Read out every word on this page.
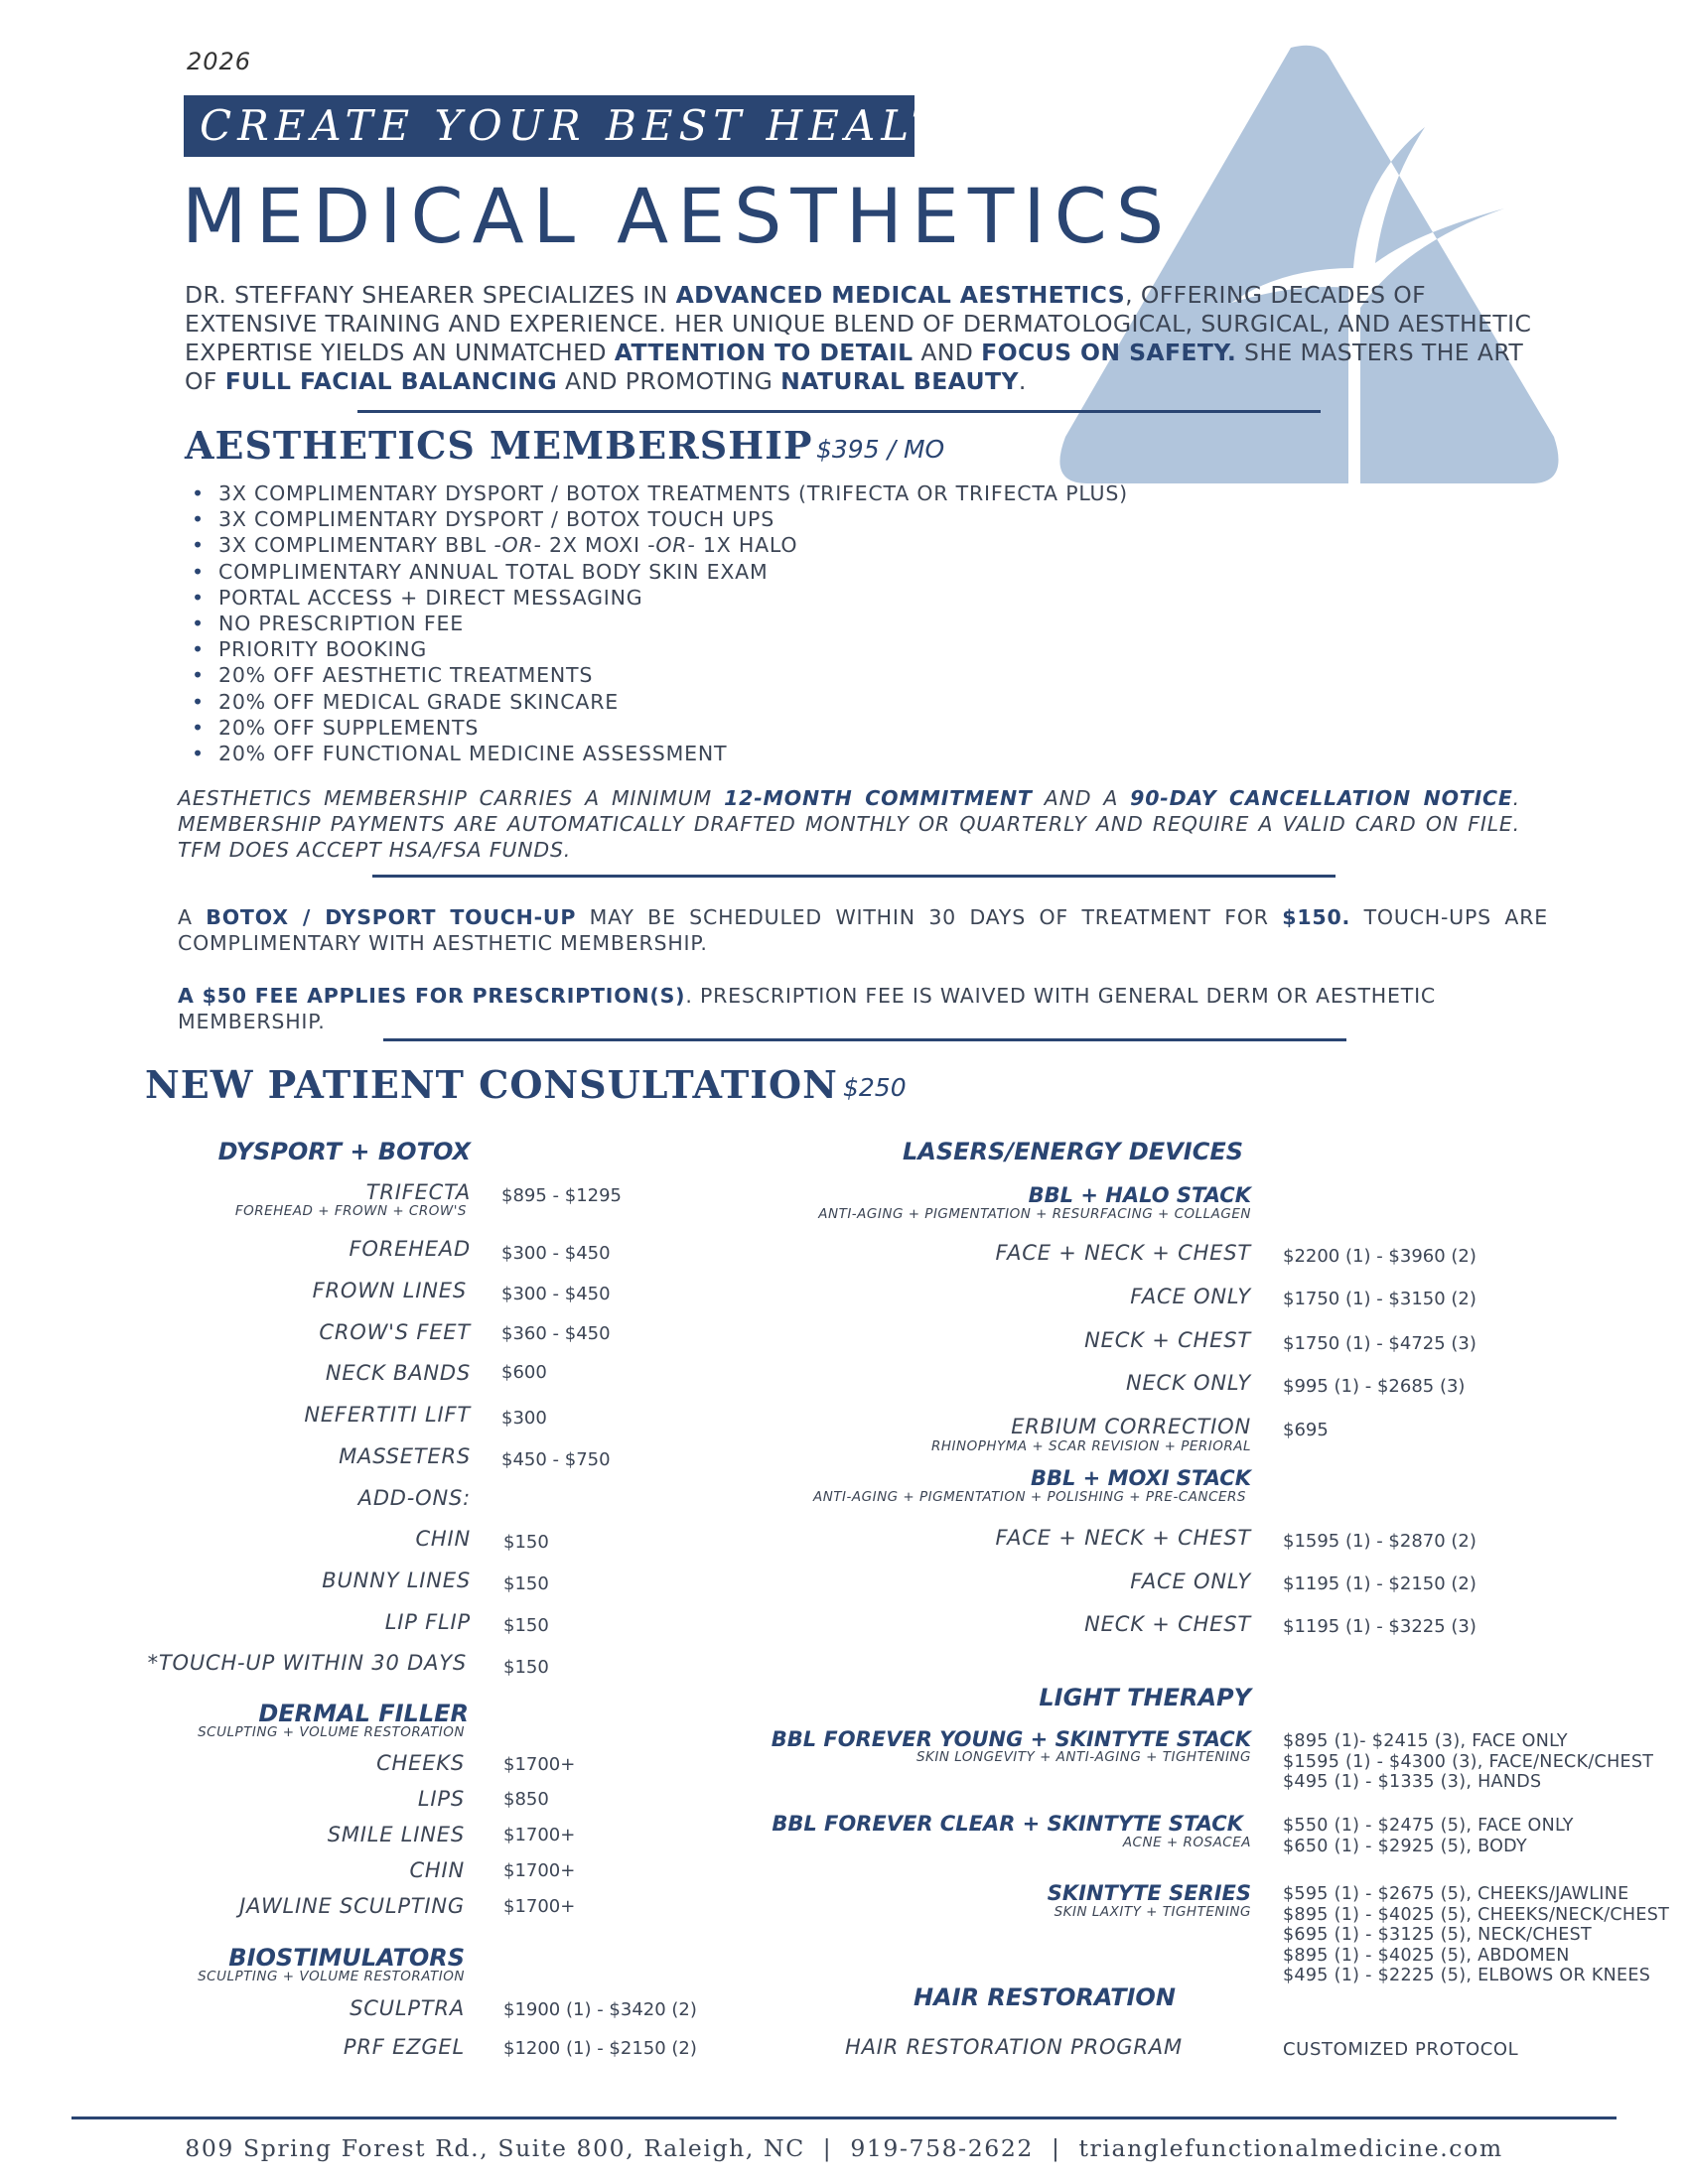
2026
CREATE YOUR BEST HEALTH
MEDICAL AESTHETICS
DR. STEFFANY SHEARER SPECIALIZES IN ADVANCED MEDICAL AESTHETICS, OFFERING DECADES OF EXTENSIVE TRAINING AND EXPERIENCE. HER UNIQUE BLEND OF DERMATOLOGICAL, SURGICAL, AND AESTHETIC EXPERTISE YIELDS AN UNMATCHED ATTENTION TO DETAIL AND FOCUS ON SAFETY. SHE MASTERS THE ART OF FULL FACIAL BALANCING AND PROMOTING NATURAL BEAUTY.
AESTHETICS MEMBERSHIP $395 / MO
• 3X COMPLIMENTARY DYSPORT / BOTOX TREATMENTS (TRIFECTA OR TRIFECTA PLUS)
• 3X COMPLIMENTARY DYSPORT / BOTOX TOUCH UPS
• 3X COMPLIMENTARY BBL -OR- 2X MOXI -OR- 1X HALO
• COMPLIMENTARY ANNUAL TOTAL BODY SKIN EXAM
• PORTAL ACCESS + DIRECT MESSAGING
• NO PRESCRIPTION FEE
• PRIORITY BOOKING
• 20% OFF AESTHETIC TREATMENTS
• 20% OFF MEDICAL GRADE SKINCARE
• 20% OFF SUPPLEMENTS
• 20% OFF FUNCTIONAL MEDICINE ASSESSMENT
AESTHETICS MEMBERSHIP CARRIES A MINIMUM 12-MONTH COMMITMENT AND A 90-DAY CANCELLATION NOTICE. MEMBERSHIP PAYMENTS ARE AUTOMATICALLY DRAFTED MONTHLY OR QUARTERLY AND REQUIRE A VALID CARD ON FILE. TFM DOES ACCEPT HSA/FSA FUNDS.
A BOTOX / DYSPORT TOUCH-UP MAY BE SCHEDULED WITHIN 30 DAYS OF TREATMENT FOR $150. TOUCH-UPS ARE COMPLIMENTARY WITH AESTHETIC MEMBERSHIP.
A $50 FEE APPLIES FOR PRESCRIPTION(S). PRESCRIPTION FEE IS WAIVED WITH GENERAL DERM OR AESTHETIC MEMBERSHIP.
NEW PATIENT CONSULTATION $250
DYSPORT + BOTOX
TRIFECTA
FOREHEAD + FROWN + CROW'S
$895 - $1295
FOREHEAD $300 - $450
FROWN LINES $300 - $450
CROW'S FEET $360 - $450
NECK BANDS $600
NEFERTITI LIFT $300
MASSETERS $450 - $750
ADD-ONS:
CHIN $150
BUNNY LINES $150
LIP FLIP $150
*TOUCH-UP WITHIN 30 DAYS $150
DERMAL FILLER
SCULPTING + VOLUME RESTORATION
CHEEKS $1700+
LIPS $850
SMILE LINES $1700+
CHIN $1700+
JAWLINE SCULPTING $1700+
BIOSTIMULATORS
SCULPTING + VOLUME RESTORATION
SCULPTRA $1900 (1) - $3420 (2)
PRF EZGEL $1200 (1) - $2150 (2)
LASERS/ENERGY DEVICES
BBL + HALO STACK
ANTI-AGING + PIGMENTATION + RESURFACING + COLLAGEN
FACE + NECK + CHEST $2200 (1) - $3960 (2)
FACE ONLY $1750 (1) - $3150 (2)
NECK + CHEST $1750 (1) - $4725 (3)
NECK ONLY $995 (1) - $2685 (3)
ERBIUM CORRECTION
RHINOPHYMA + SCAR REVISION + PERIORAL
$695
BBL + MOXI STACK
ANTI-AGING + PIGMENTATION + POLISHING + PRE-CANCERS
FACE + NECK + CHEST $1595 (1) - $2870 (2)
FACE ONLY $1195 (1) - $2150 (2)
NECK + CHEST $1195 (1) - $3225 (3)
LIGHT THERAPY
BBL FOREVER YOUNG + SKINTYTE STACK
SKIN LONGEVITY + ANTI-AGING + TIGHTENING
$895 (1)- $2415 (3), FACE ONLY
$1595 (1) - $4300 (3), FACE/NECK/CHEST
$495 (1) - $1335 (3), HANDS
BBL FOREVER CLEAR + SKINTYTE STACK
ACNE + ROSACEA
$550 (1) - $2475 (5), FACE ONLY
$650 (1) - $2925 (5), BODY
SKINTYTE SERIES
SKIN LAXITY + TIGHTENING
$595 (1) - $2675 (5), CHEEKS/JAWLINE
$895 (1) - $4025 (5), CHEEKS/NECK/CHEST
$695 (1) - $3125 (5), NECK/CHEST
$895 (1) - $4025 (5), ABDOMEN
$495 (1) - $2225 (5), ELBOWS OR KNEES
HAIR RESTORATION
HAIR RESTORATION PROGRAM	CUSTOMIZED PROTOCOL
809 Spring Forest Rd., Suite 800, Raleigh, NC | 919-758-2622 | trianglefunctionalmedicine.com
